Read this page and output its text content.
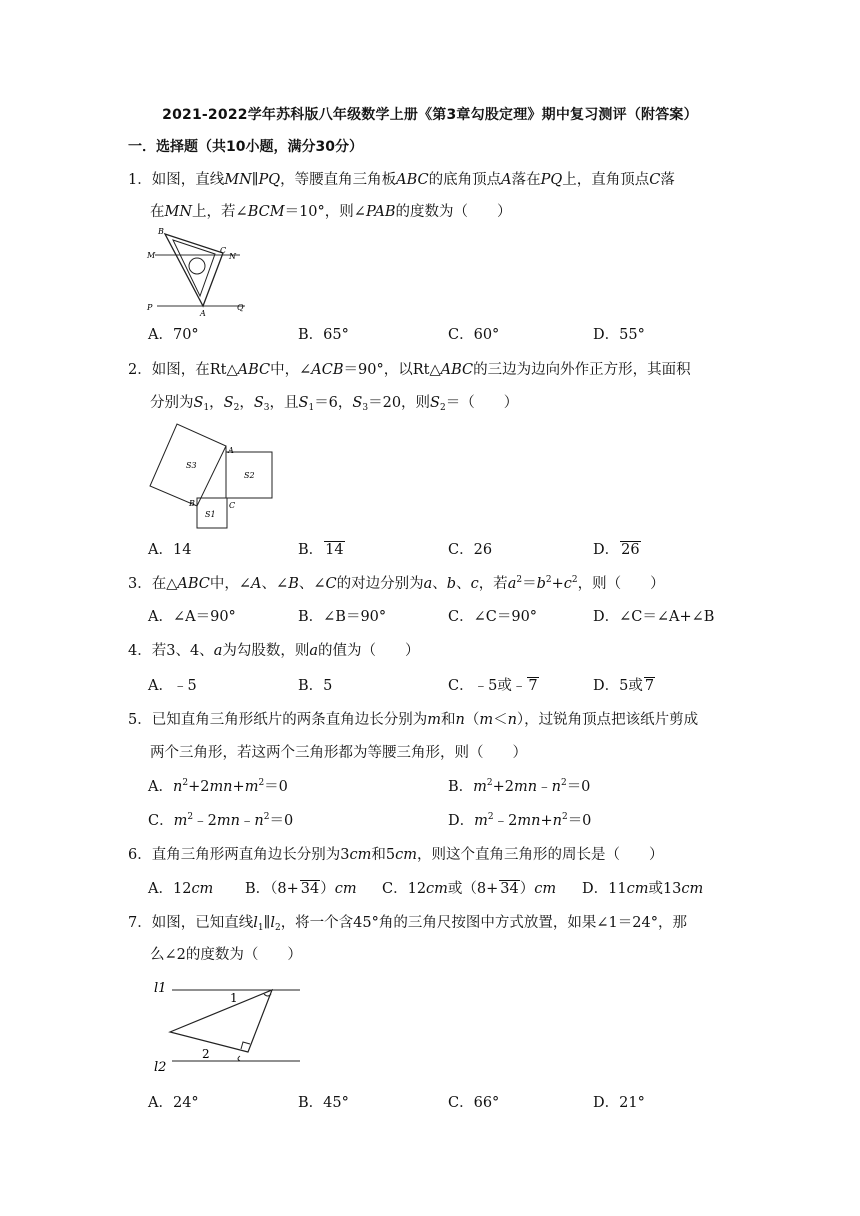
2021-2022学年苏科版八年级数学上册《第3章勾股定理》期中复习测评（附答案）
一．选择题（共10小题，满分30分）
1．如图，直线MN∥PQ，等腰直角三角板ABC的底角顶点A落在PQ上，直角顶点C落
在MN上，若∠BCM＝10°，则∠PAB的度数为（　　）
B
M
C
N
P
A
Q
A．70°	B．65°	C．60°	D．55°
2．如图，在Rt△ABC中，∠ACB＝90°，以Rt△ABC的三边为边向外作正方形，其面积
分别为$S_1$，$S_2$，$S_3$，且$S_1=6$，$S_3=20$，则$S_2=$（　　）
S3
A
S2
B	C
S1
A．14	B． 14	C．26	D． 26
3．在△ABC中，∠A、∠B、∠C的对边分别为a、b、c，若$a^2=b^2+c^2$，则（　　）
A．∠A＝90°	B．∠B＝90°	C．∠C＝90°	D．∠C＝∠A+∠B
4．若3、4、a为勾股数，则a的值为（　　）
A．﹣5	B．5	C．﹣5或﹣ 7	D．5或 7
5．已知直角三角形纸片的两条直角边长分别为m和n（m＜n），过锐角顶点把该纸片剪成
两个三角形，若这两个三角形都为等腰三角形，则（　　）
A．$n^2+2mn+m^2=0$	B．$m^2+2mn﹣n^2=0$
C．$m^2﹣2mn﹣n^2=0$	D．$m^2﹣2mn+n^2=0$
6．直角三角形两直角边长分别为3cm和5cm，则这个直角三角形的周长是（　　）
A．12cm B．（8+ 34）cm C．12cm或（8+ 34）cm D．11cm或13cm
7．如图，已知直线$l_1\parallel l_2$，将一个含45°角的三角尺按图中方式放置，如果∠1＝24°，那
么∠2的度数为（　　）
l1
1
l2
2
A．24°	B．45°	C．66°	D．21°
